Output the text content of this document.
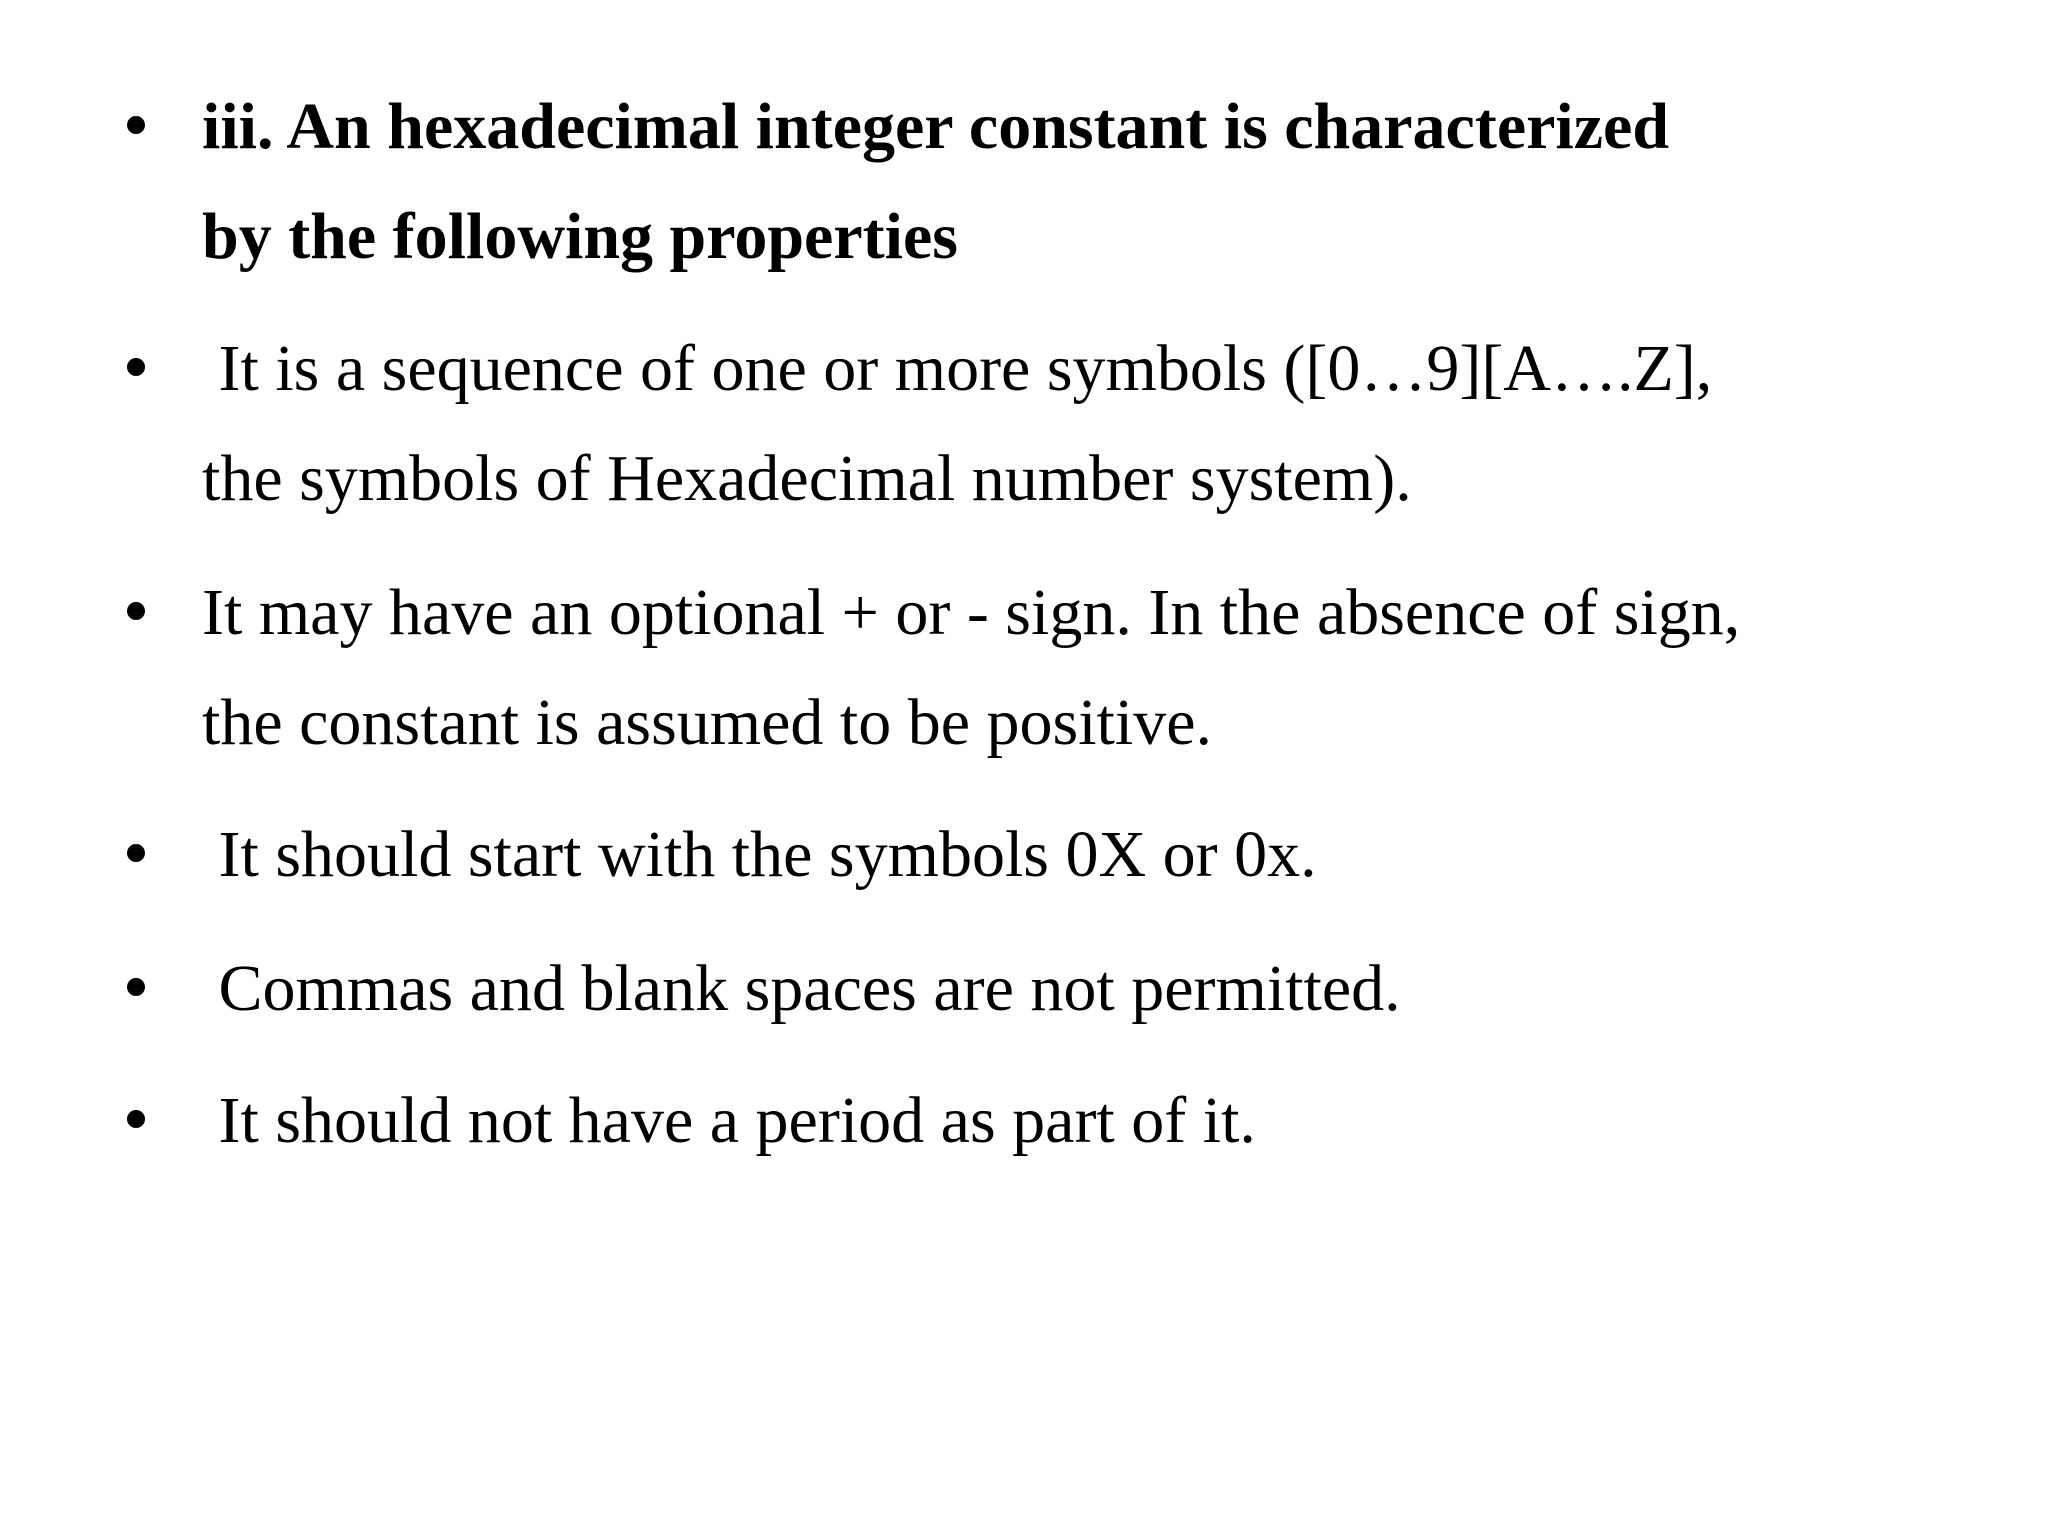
iii. An hexadecimal integer constant is characterized
by the following properties
It is a sequence of one or more symbols ([0…9][A….Z],
the symbols of Hexadecimal number system).
It may have an optional + or - sign. In the absence of sign,
the constant is assumed to be positive.
It should start with the symbols 0X or 0x.
Commas and blank spaces are not permitted.
It should not have a period as part of it.
